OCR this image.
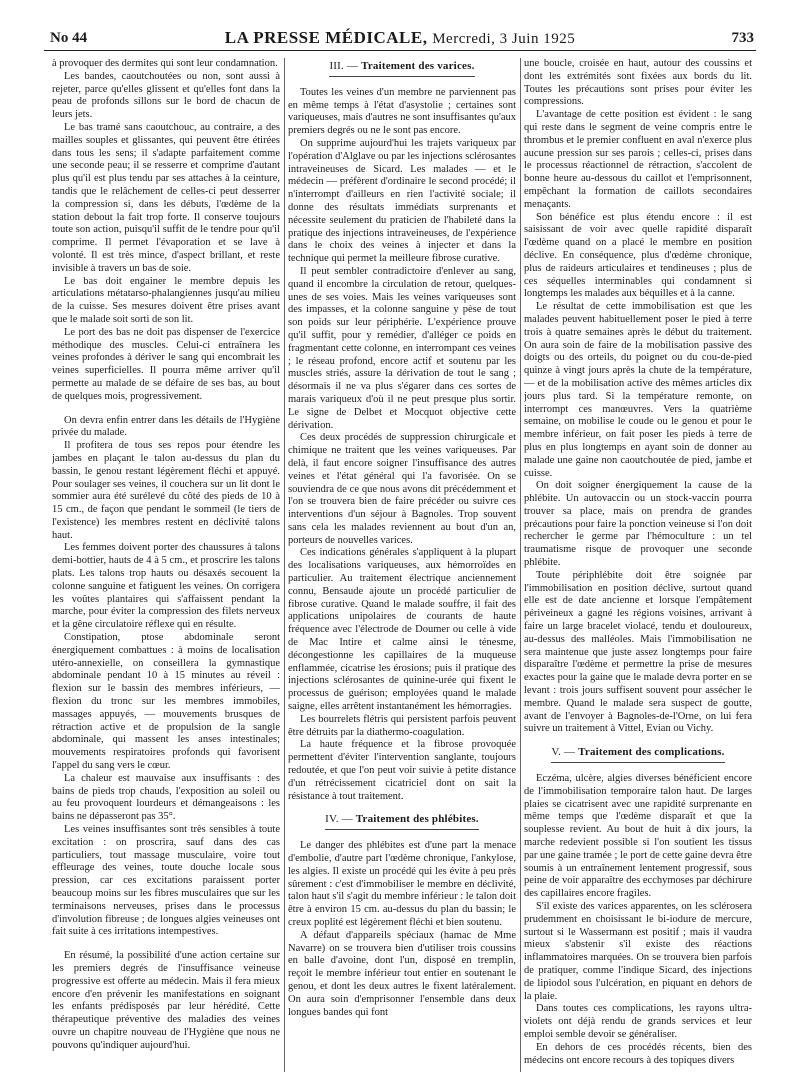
No 44	LA PRESSE MÉDICALE, Mercredi, 3 Juin 1925	733

à provoquer des dermites qui sont leur condamnation.

Les bandes, caoutchoutées ou non, sont aussi à rejeter, parce qu'elles glissent et qu'elles font dans la peau de profonds sillons sur le bord de chacun de leurs jets.

Le bas tramé sans caoutchouc, au contraire, a des mailles souples et glissantes, qui peuvent être étirées dans tous les sens; il s'adapte parfaitement comme une seconde peau; il se resserre et comprime d'autant plus qu'il est plus tendu par ses attaches à la ceinture, tandis que le relâchement de celles-ci peut desserrer la compression si, dans les débuts, l'œdème de la station debout la fait trop forte. Il conserve toujours toute son action, puisqu'il suffit de le tendre pour qu'il comprime. Il permet l'évaporation et se lave à volonté. Il est très mince, d'aspect brillant, et reste invisible à travers un bas de soie.

Le bas doit engainer le membre depuis les articulations métatarso-phalangiennes jusqu'au milieu de la cuisse. Ses mesures doivent être prises avant que le malade soit sorti de son lit.

Le port des bas ne doit pas dispenser de l'exercice méthodique des muscles. Celui-ci entraînera les veines profondes à dériver le sang qui encombrait les veines superficielles. Il pourra même arriver qu'il permette au malade de se défaire de ses bas, au bout de quelques mois, progressivement.

On devra enfin entrer dans les détails de l'Hygiène privée du malade.

Il profitera de tous ses repos pour étendre les jambes en plaçant le talon au-dessus du plan du bassin, le genou restant légèrement fléchi et appuyé. Pour soulager ses veines, il couchera sur un lit dont le sommier aura été surélevé du côté des pieds de 10 à 15 cm., de façon que pendant le sommeil (le tiers de l'existence) les membres restent en déclivité talons haut.

Les femmes doivent porter des chaussures à talons demi-bottier, hauts de 4 à 5 cm., et proscrire les talons plats. Les talons trop hauts ou désaxés secouent la colonne sanguine et fatiguent les veines. On corrigera les voûtes plantaires qui s'affaissent pendant la marche, pour éviter la compression des filets nerveux et la gêne circulatoire réflexe qui en résulte.

Constipation, ptose abdominale seront énergiquement combattues : à moins de localisation utéro-annexielle, on conseillera la gymnastique abdominale pendant 10 à 15 minutes au réveil : flexion sur le bassin des membres inférieurs, — flexion du tronc sur les membres immobiles, massages appuyés, — mouvements brusques de rétraction active et de propulsion de la sangle abdominale, qui massent les anses intestinales; mouvements respiratoires profonds qui favorisent l'appel du sang vers le cœur.

La chaleur est mauvaise aux insuffisants : des bains de pieds trop chauds, l'exposition au soleil ou au feu provoquent lourdeurs et démangeaisons : les bains ne dépasseront pas 35°.

Les veines insuffisantes sont très sensibles à toute excitation : on proscrira, sauf dans des cas particuliers, tout massage musculaire, voire tout effleurage des veines, toute douche locale sous pression, car ces excitations paraissent porter beaucoup moins sur les fibres musculaires que sur les terminaisons nerveuses, prises dans le processus d'involution fibreuse ; de longues algies veineuses ont fait suite à ces irritations intempestives.

En résumé, la possibilité d'une action certaine sur les premiers degrés de l'insuffisance veineuse progressive est offerte au médecin. Mais il fera mieux encore d'en prévenir les manifestations en soignant les enfants prédisposés par leur hérédité. Cette thérapeutique préventive des maladies des veines ouvre un chapitre nouveau de l'Hygiène que nous ne pouvons qu'indiquer aujourd'hui.

III. — Traitement des varices.

Toutes les veines d'un membre ne parviennent pas en même temps à l'état d'asystolie ; certaines sont variqueuses, mais d'autres ne sont insuffisantes qu'aux premiers degrés ou ne le sont pas encore.

On supprime aujourd'hui les trajets variqueux par l'opération d'Alglave ou par les injections sclérosantes intraveineuses de Sicard. Les malades — et le médecin — préfèrent d'ordinaire le second procédé; il n'interrompt d'ailleurs en rien l'activité sociale; il donne des résultats immédiats surprenants et nécessite seulement du praticien de l'habileté dans la pratique des injections intraveineuses, de l'expérience dans le choix des veines à injecter et dans la technique qui permet la meilleure fibrose curative.

Il peut sembler contradictoire d'enlever au sang, quand il encombre la circulation de retour, quelques-unes de ses voies. Mais les veines variqueuses sont des impasses, et la colonne sanguine y pèse de tout son poids sur leur périphérie. L'expérience prouve qu'il suffit, pour y remédier, d'alléger ce poids en fragmentant cette colonne, en interrompant ces veines ; le réseau profond, encore actif et soutenu par les muscles striés, assure la dérivation de tout le sang ; désormais il ne va plus s'égarer dans ces sortes de marais variqueux d'où il ne peut presque plus sortir. Le signe de Delbet et Mocquot objective cette dérivation.

Ces deux procédés de suppression chirurgicale et chimique ne traitent que les veines variqueuses. Par delà, il faut encore soigner l'insuffisance des autres veines et l'état général qui l'a favorisée. On se souviendra de ce que nous avons dit précédemment et l'on se trouvera bien de faire précéder ou suivre ces interventions d'un séjour à Bagnoles. Trop souvent sans cela les malades reviennent au bout d'un an, porteurs de nouvelles varices.

Ces indications générales s'appliquent à la plupart des localisations variqueuses, aux hémorroïdes en particulier. Au traitement électrique anciennement connu, Bensaude ajoute un procédé particulier de fibrose curative. Quand le malade souffre, il fait des applications unipolaires de courants de haute fréquence avec l'électrode de Doumer ou celle à vide de Mac Intire et calme ainsi le ténesme, décongestionne les capillaires de la muqueuse enflammée, cicatrise les érosions; puis il pratique des injections sclérosantes de quinine-urée qui fixent le processus de guérison; employées quand le malade saigne, elles arrêtent instantanément les hémorragies.

Les bourrelets flétris qui persistent parfois peuvent être détruits par la diathermo-coagulation.

La haute fréquence et la fibrose provoquée permettent d'éviter l'intervention sanglante, toujours redoutée, et que l'on peut voir suivie à petite distance d'un rétrécissement cicatriciel dont on sait la résistance à tout traitement.

IV. — Traitement des phlébites.

Le danger des phlébites est d'une part la menace d'embolie, d'autre part l'œdème chronique, l'ankylose, les algies. Il existe un procédé qui les évite à peu près sûrement : c'est d'immobiliser le membre en déclivité, talon haut s'il s'agit du membre inférieur : le talon doit être à environ 15 cm. au-dessus du plan du bassin; le creux poplité est légèrement fléchi et bien soutenu.

A défaut d'appareils spéciaux (hamac de Mme Navarre) on se trouvera bien d'utiliser trois coussins en balle d'avoine, dont l'un, disposé en tremplin, reçoit le membre inférieur tout entier en soutenant le genou, et dont les deux autres le fixent latéralement. On aura soin d'emprisonner l'ensemble dans deux longues bandes qui font

une boucle, croisée en haut, autour des coussins et dont les extrémités sont fixées aux bords du lit. Toutes les précautions sont prises pour éviter les compressions.

L'avantage de cette position est évident : le sang qui reste dans le segment de veine compris entre le thrombus et le premier confluent en aval n'exerce plus aucune pression sur ses parois ; celles-ci, prises dans le processus réactionnel de rétraction, s'accolent de bonne heure au-dessous du caillot et l'emprisonnent, empêchant la formation de caillots secondaires menaçants.

Son bénéfice est plus étendu encore : il est saisissant de voir avec quelle rapidité disparaît l'œdème quand on a placé le membre en position déclive. En conséquence, plus d'œdème chronique, plus de raideurs articulaires et tendineuses ; plus de ces séquelles interminables qui condamnent si longtemps les malades aux béquilles et à la canne.

Le résultat de cette immobilisation est que les malades peuvent habituellement poser le pied à terre trois à quatre semaines après le début du traitement. On aura soin de faire de la mobilisation passive des doigts ou des orteils, du poignet ou du cou-de-pied quinze à vingt jours après la chute de la température, — et de la mobilisation active des mêmes articles dix jours plus tard. Si la température remonte, on interrompt ces manœuvres. Vers la quatrième semaine, on mobilise le coude ou le genou et pour le membre inférieur, on fait poser les pieds à terre de plus en plus longtemps en ayant soin de donner au malade une gaine non caoutchoutée de pied, jambe et cuisse.

On doit soigner énergiquement la cause de la phlébite. Un autovaccin ou un stock-vaccin pourra trouver sa place, mais on prendra de grandes précautions pour faire la ponction veineuse si l'on doit rechercher le germe par l'hémoculture : un tel traumatisme risque de provoquer une seconde phlébite.

Toute périphlébite doit être soignée par l'immobilisation en position déclive, surtout quand elle est de date ancienne et lorsque l'empâtement périveineux a gagné les régions voisines, arrivant à faire un large bracelet violacé, tendu et douloureux, au-dessus des malléoles. Mais l'immobilisation ne sera maintenue que juste assez longtemps pour faire disparaître l'œdème et permettre la prise de mesures exactes pour la gaine que le malade devra porter en se levant : trois jours suffisent souvent pour assécher le membre. Quand le malade sera suspect de goutte, avant de l'envoyer à Bagnoles-de-l'Orne, on lui fera suivre un traitement à Vittel, Evian ou Vichy.

V. — Traitement des complications.

Eczéma, ulcère, algies diverses bénéficient encore de l'immobilisation temporaire talon haut. De larges plaies se cicatrisent avec une rapidité surprenante en même temps que l'œdème disparaît et que la souplesse revient. Au bout de huit à dix jours, la marche redevient possible si l'on soutient les tissus par une gaine tramée ; le port de cette gaine devra être soumis à un entraînement lentement progressif, sous peine de voir apparaître des ecchymoses par déchirure des capillaires encore fragiles.

S'il existe des varices apparentes, on les sclérosera prudemment en choisissant le bi-iodure de mercure, surtout si le Wassermann est positif ; mais il vaudra mieux s'abstenir s'il existe des réactions inflammatoires marquées. On se trouvera bien parfois de pratiquer, comme l'indique Sicard, des injections de lipiodol sous l'ulcération, en piquant en dehors de la plaie.

Dans toutes ces complications, les rayons ultra-violets ont déjà rendu de grands services et leur emploi semble devoir se généraliser.

En dehors de ces procédés récents, bien des médecins ont encore recours à des topiques divers
